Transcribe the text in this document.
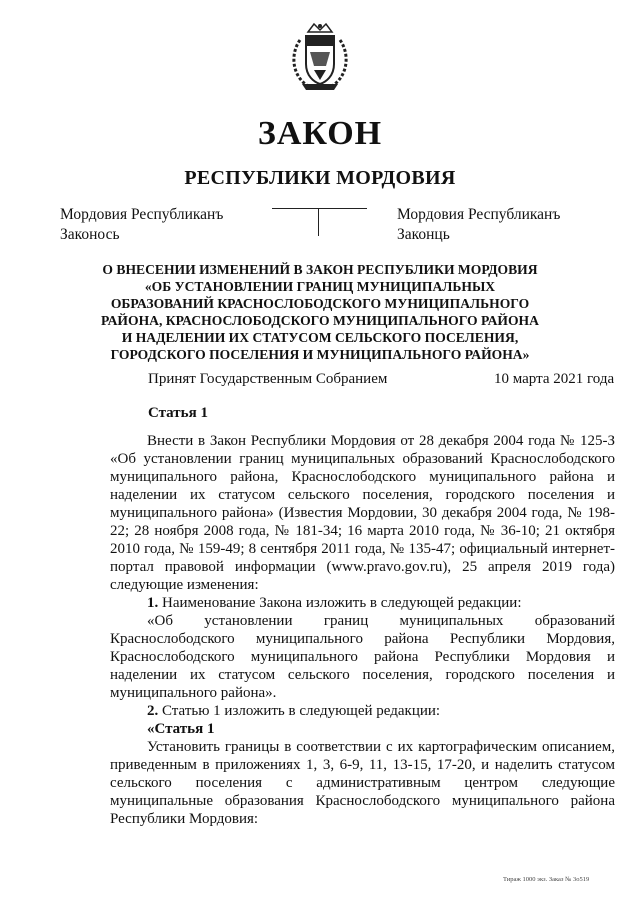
ЗАКОН
РЕСПУБЛИКИ МОРДОВИЯ
Мордовия Республиканъ
Законось
Мордовия Республиканъ
Законць
О ВНЕСЕНИИ ИЗМЕНЕНИЙ В ЗАКОН РЕСПУБЛИКИ МОРДОВИЯ «ОБ УСТАНОВЛЕНИИ ГРАНИЦ МУНИЦИПАЛЬНЫХ ОБРАЗОВАНИЙ КРАСНОСЛОБОДСКОГО МУНИЦИПАЛЬНОГО РАЙОНА, КРАСНОСЛОБОДСКОГО МУНИЦИПАЛЬНОГО РАЙОНА И НАДЕЛЕНИИ ИХ СТАТУСОМ СЕЛЬСКОГО ПОСЕЛЕНИЯ, ГОРОДСКОГО ПОСЕЛЕНИЯ И МУНИЦИПАЛЬНОГО РАЙОНА»
Принят Государственным Собранием	10 марта 2021 года
Статья 1

Внести в Закон Республики Мордовия от 28 декабря 2004 года № 125-З «Об установлении границ муниципальных образований Краснослободского муниципального района, Краснослободского муниципального района и наделении их статусом сельского поселения, городского поселения и муниципального района» (Известия Мордовии, 30 декабря 2004 года, № 198-22; 28 ноября 2008 года, № 181-34; 16 марта 2010 года, № 36-10; 21 октября 2010 года, № 159-49; 8 сентября 2011 года, № 135-47; официальный интернет-портал правовой информации (www.pravo.gov.ru), 25 апреля 2019 года) следующие изменения:

1. Наименование Закона изложить в следующей редакции:

«Об установлении границ муниципальных образований Краснослободского муниципального района Республики Мордовия, Краснослободского муниципального района Республики Мордовия и наделении их статусом сельского поселения, городского поселения и муниципального района».

2. Статью 1 изложить в следующей редакции:

«Статья 1

Установить границы в соответствии с их картографическим описанием, приведенным в приложениях 1, 3, 6-9, 11, 13-15, 17-20, и наделить статусом сельского поселения с административным центром следующие муниципальные образования Краснослободского муниципального района Республики Мордовия:

Тираж 1000 экз. Заказ № 3о519
